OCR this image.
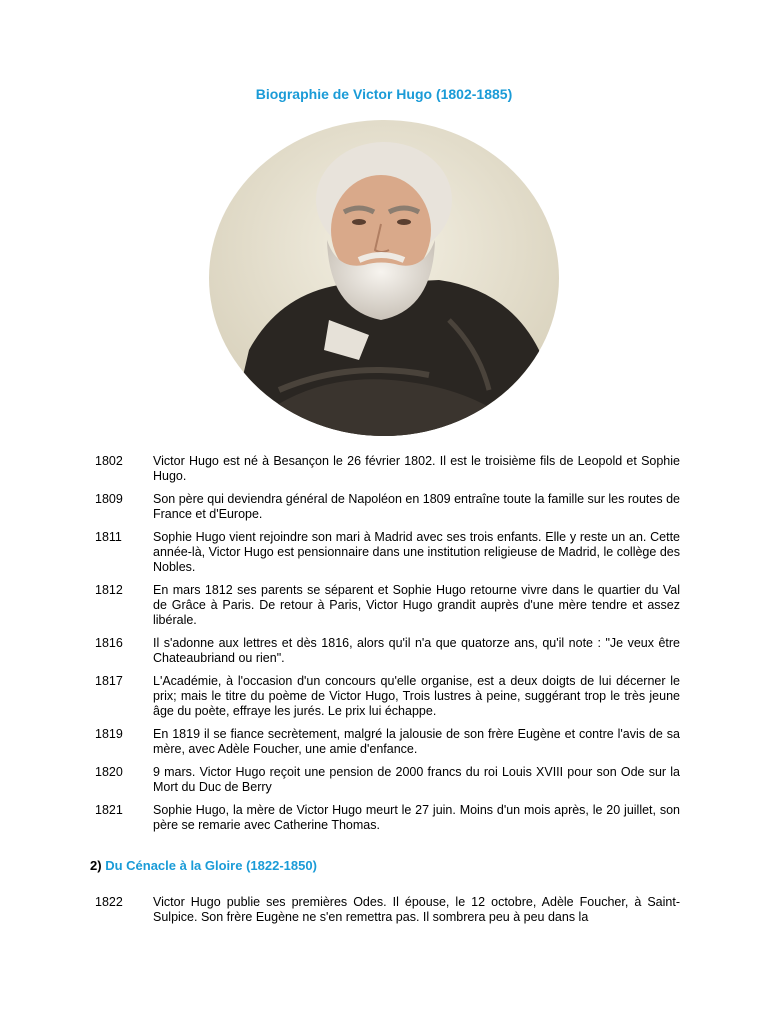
Biographie de Victor Hugo (1802-1885)
1802	Victor Hugo est né à Besançon le 26 février 1802. Il est le troisième fils de Leopold et Sophie Hugo.
1809	Son père qui deviendra général de Napoléon en 1809 entraîne toute la famille sur les routes de France et d'Europe.
1811	Sophie Hugo vient rejoindre son mari à Madrid avec ses trois enfants. Elle y reste un an. Cette année-là, Victor Hugo est pensionnaire dans une institution religieuse de Madrid, le collège des Nobles.
1812	En mars 1812 ses parents se séparent et Sophie Hugo retourne vivre dans le quartier du Val de Grâce à Paris. De retour à Paris, Victor Hugo grandit auprès d'une mère tendre et assez libérale.
1816	Il s'adonne aux lettres et dès 1816, alors qu'il n'a que quatorze ans, qu'il note : "Je veux être Chateaubriand ou rien".
1817	L'Académie, à l'occasion d'un concours qu'elle organise, est a deux doigts de lui décerner le prix; mais le titre du poème de Victor Hugo, Trois lustres à peine, suggérant trop le très jeune âge du poète, effraye les jurés. Le prix lui échappe.
1819	En 1819 il se fiance secrètement, malgré la jalousie de son frère Eugène et contre l'avis de sa mère, avec Adèle Foucher, une amie d'enfance.
1820	9 mars. Victor Hugo reçoit une pension de 2000 francs du roi Louis XVIII pour son Ode sur la Mort du Duc de Berry
1821	Sophie Hugo, la mère de Victor Hugo meurt le 27 juin. Moins d'un mois après, le 20 juillet, son père se remarie avec Catherine Thomas.
2) Du Cénacle à la Gloire (1822-1850)
1822	Victor Hugo publie ses premières Odes. Il épouse, le 12 octobre, Adèle Foucher, à Saint-Sulpice. Son frère Eugène ne s'en remettra pas. Il sombrera peu à peu dans la
